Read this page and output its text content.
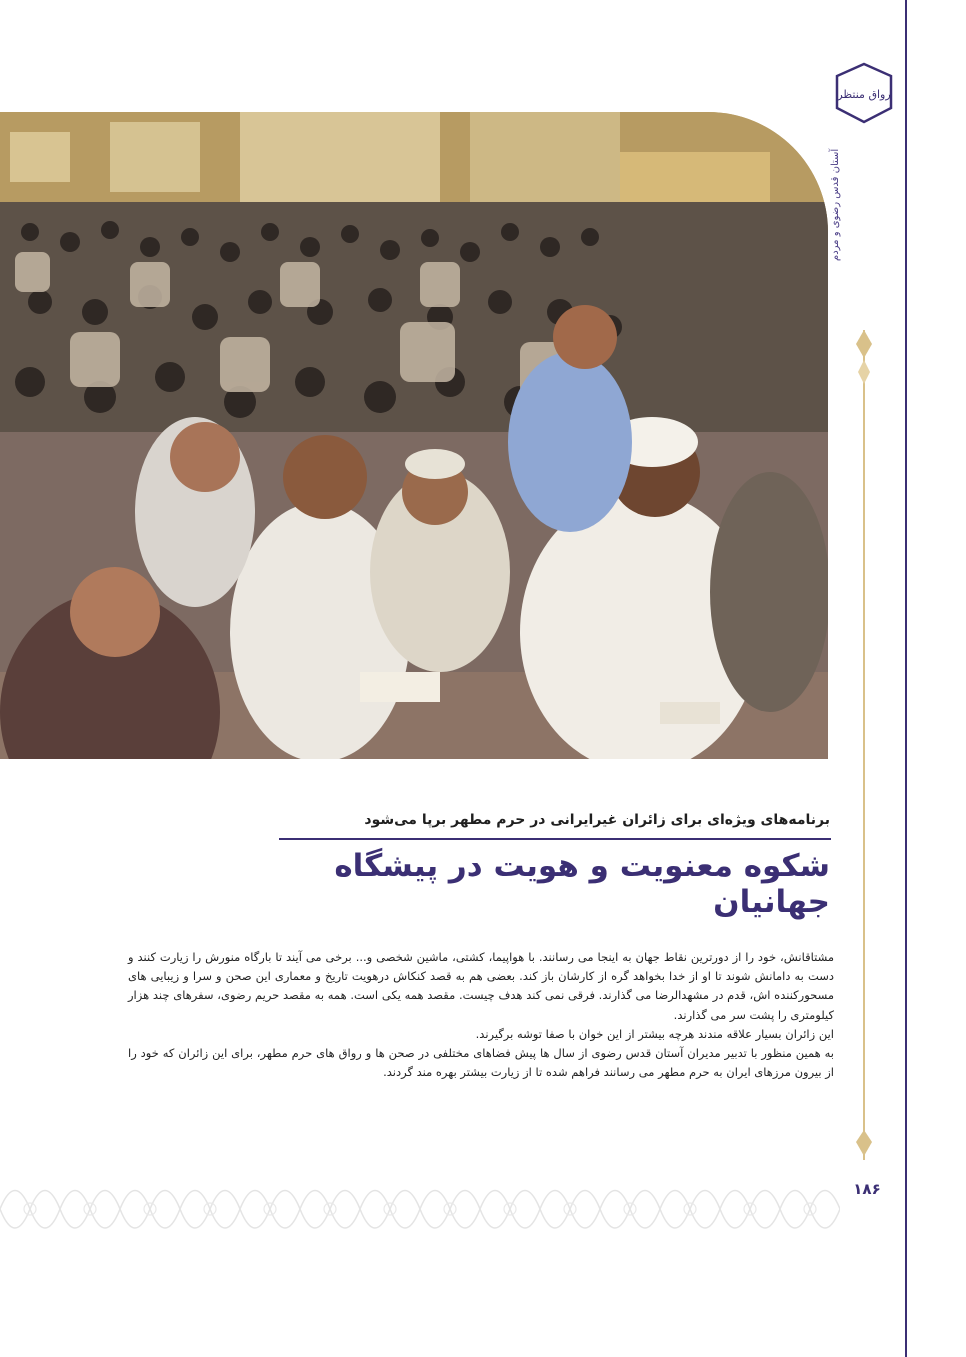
رواق منتظر
آستان قدس رضوی و مردم
برنامه‌های ویژه‌ای برای زائران غیرایرانی در حرم مطهر برپا می‌شود
شکوه معنویت و هویت در پیشگاه جهانیان

مشتاقانش، خود را از دورترین نقاط جهان به اینجا می رسانند. با هواپیما، کشتی، ماشین شخصی و... برخی می آیند تا بارگاه منورش را زیارت کنند و دست به دامانش شوند تا او از خدا بخواهد گره از کارشان باز کند. بعضی هم به قصد کنکاش درهویت تاریخ و معماری این صحن و سرا و زیبایی های مسحورکننده اش، قدم در مشهدالرضا می گذارند. فرقی نمی کند هدف چیست. مقصد همه یکی است. همه به مقصد حریم رضوی، سفرهای چند هزار کیلومتری را پشت سر می گذارند.

این زائران بسیار علاقه مندند هرچه بیشتر از این خوان با صفا توشه برگیرند.

به همین منظور با تدبیر مدیران آستان قدس رضوی از سال ها پیش فضاهای مختلفی در صحن ها و رواق های حرم مطهر، برای این زائران که خود را از بیرون مرزهای ایران به حرم مطهر می رسانند فراهم شده تا از زیارت بیشتر بهره مند گردند.

۱۸۶
